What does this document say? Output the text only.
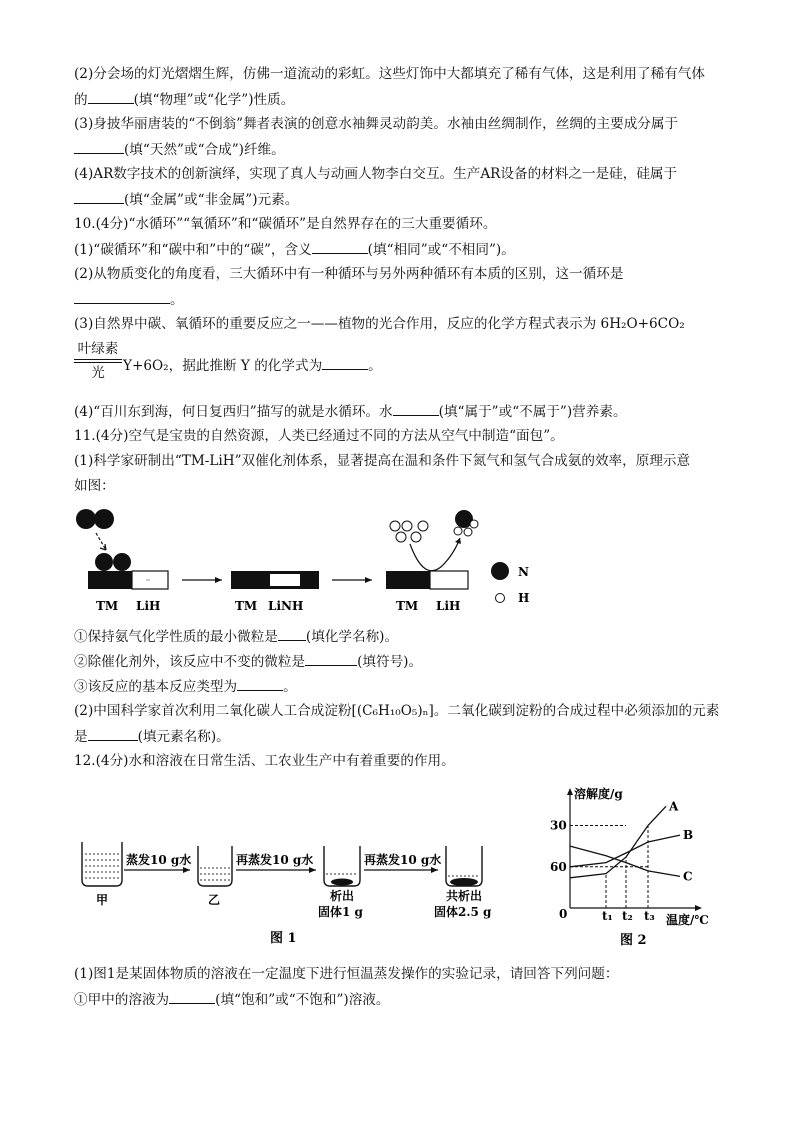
(2)分会场的灯光熠熠生辉，仿佛一道流动的彩虹。这些灯饰中大都填充了稀有气体，这是利用了稀有气体
的	(填“物理”或“化学”)性质。
(3)身披华丽唐装的“不倒翁”舞者表演的创意水袖舞灵动韵美。水袖由丝绸制作，丝绸的主要成分属于
(填“天然”或“合成”)纤维。
(4)AR数字技术的创新演绎，实现了真人与动画人物李白交互。生产AR设备的材料之一是硅，硅属于
(填“金属”或“非金属”)元素。
10.(4分)“水循环”“氧循环”和“碳循环”是自然界存在的三大重要循环。
(1)“碳循环”和“碳中和”中的“碳”，含义	(填“相同”或“不相同”)。
(2)从物质变化的角度看，三大循环中有一种循环与另外两种循环有本质的区别，这一循环是
。
(3)自然界中碳、氧循环的重要反应之一——植物的光合作用，反应的化学方程式表示为 6H₂O+6CO₂
叶绿素
光	Y+6O₂，据此推断 Y 的化学式为	。
(4)“百川东到海，何日复西归”描写的就是水循环。水	(填“属于”或“不属于”)营养素。
11.(4分)空气是宝贵的自然资源，人类已经通过不同的方法从空气中制造“面包”。
(1)科学家研制出“TM-LiH”双催化剂体系，显著提高在温和条件下氮气和氢气合成氨的效率，原理示意
如图：
N
H
TM LiH	TM LiNH	TM LiH
①保持氨气化学性质的最小微粒是 (填化学名称)。
②除催化剂外，该反应中不变的微粒是	(填符号)。
③该反应的基本反应类型为	。
(2)中国科学家首次利用二氧化碳人工合成淀粉[(C₆H₁₀O₅)ₙ]。二氧化碳到淀粉的合成过程中必须添加的元素
是	(填元素名称)。
12.(4分)水和溶液在日常生活、工农业生产中有着重要的作用。
甲
蒸发10 g水
乙
再蒸发10 g水
析出
固体1 g
再蒸发10 g水
共析出
固体2.5 g
图 1
溶解度/g
温度/℃
0
图 2
60
30
t₁ t₂ t₃
A
B
C
(1)图1是某固体物质的溶液在一定温度下进行恒温蒸发操作的实验记录，请回答下列问题：
①甲中的溶液为	(填“饱和”或“不饱和”)溶液。
